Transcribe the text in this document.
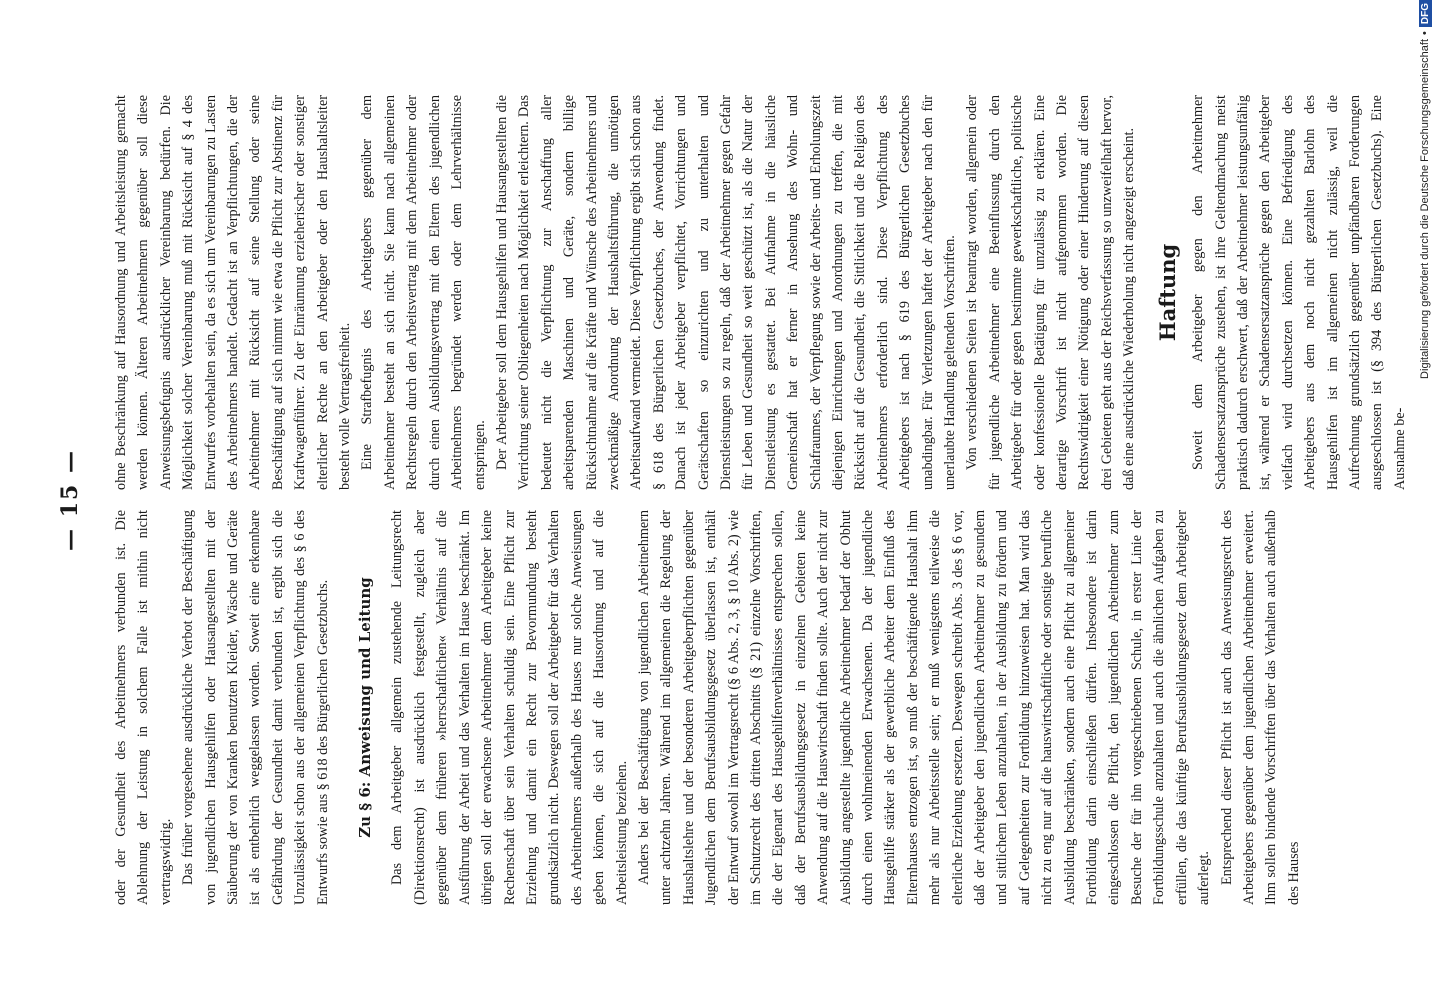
— 15 —

oder der Gesundheit des Arbeitnehmers verbunden ist. Die Ablehnung der Leistung in solchem Falle ist mithin nicht vertragswidrig. Das früher vorgesehene ausdrückliche Verbot der Beschäftigung von jugendlichen Hausgehilfen oder Hausangestellten mit der Säuberung der von Kranken benutzten Kleider, Wäsche und Geräte ist als entbehrlich weggelassen worden. Soweit eine erkennbare Gefährdung der Gesundheit damit verbunden ist, ergibt sich die Unzulässigkeit schon aus der allgemeinen Verpflichtung des § 6 des Entwurfs sowie aus § 618 des Bürgerlichen Gesetzbuchs. Zu § 6: Anweisung und Leitung Das dem Arbeitgeber allgemein zustehende Leitungsrecht (Direktionsrecht) ist ausdrücklich festgestellt, zugleich aber gegenüber dem früheren »herrschaftlichen« Verhältnis auf die Ausführung der Arbeit und das Verhalten im Hause beschränkt. Im übrigen soll der erwachsene Arbeitnehmer dem Arbeitgeber keine Rechenschaft über sein Verhalten schuldig sein. Eine Pflicht zur Erziehung und damit ein Recht zur Bevormundung besteht grundsätzlich nicht. Deswegen soll der Arbeitgeber für das Verhalten des Arbeitnehmers außerhalb des Hauses nur solche Anweisungen geben können, die sich auf die Hausordnung und auf die Arbeitsleistung beziehen. Anders bei der Beschäftigung von jugendlichen Arbeitnehmern unter achtzehn Jahren. Während im allgemeinen die Regelung der Haushaltslehre und der besonderen Arbeitgeberpflichten gegenüber Jugendlichen dem Berufsausbildungsgesetz überlassen ist, enthält der Entwurf sowohl im Vertragsrecht (§ 6 Abs. 2, 3, § 10 Abs. 2) wie im Schutzrecht des dritten Abschnitts (§ 21) einzelne Vorschriften, die der Eigenart des Hausgehilfenverhältnisses entsprechen sollen, daß der Berufsausbildungsgesetz in einzelnen Gebieten keine Anwendung auf die Hauswirtschaft finden sollte. Auch der nicht zur Ausbildung angestellte jugendliche Arbeitnehmer bedarf der Obhut durch einen wohlmeinenden Erwachsenen. Da der jugendliche Hausgehilfe stärker als der gewerbliche Arbeiter dem Einfluß des Elternhauses entzogen ist, so muß der beschäftigende Haushalt ihm mehr als nur Arbeitsstelle sein; er muß wenigstens teilweise die elterliche Erziehung ersetzen. Deswegen schreibt Abs. 3 des § 6 vor, daß der Arbeitgeber den jugendlichen Arbeitnehmer zu gesundem und sittlichem Leben anzuhalten, in der Ausbildung zu fördern und auf Gelegenheiten zur Fortbildung hinzuweisen hat. Man wird das nicht zu eng nur auf die hauswirtschaftliche oder sonstige berufliche Ausbildung beschränken, sondern auch eine Pflicht zu allgemeiner Fortbildung darin einschließen dürfen. Insbesondere ist darin eingeschlossen die Pflicht, den jugendlichen Arbeitnehmer zum Besuche der für ihn vorgeschriebenen Schule, in erster Linie der Fortbildungsschule anzuhalten und auch die ähnlichen Aufgaben zu erfüllen, die das künftige Berufsausbildungsgesetz dem Arbeitgeber auferlegt. Entsprechend dieser Pflicht ist auch das Anweisungsrecht des Arbeitgebers gegenüber dem jugendlichen Arbeitnehmer erweitert. Ihm sollen bindende Vorschriften über das Verhalten auch außerhalb des Hauses

ohne Beschränkung auf Hausordnung und Arbeitsleistung gemacht werden können. Älteren Arbeitnehmern gegenüber soll diese Anweisungsbefugnis ausdrücklicher Vereinbarung bedürfen. Die Möglichkeit solcher Vereinbarung muß mit Rücksicht auf § 4 des Entwurfes vorbehalten sein, da es sich um Vereinbarungen zu Lasten des Arbeitnehmers handelt. Gedacht ist an Verpflichtungen, die der Arbeitnehmer mit Rücksicht auf seine Stellung oder seine Beschäftigung auf sich nimmt wie etwa die Pflicht zur Abstinenz für Kraftwagenführer. Zu der Einräumung erzieherischer oder sonstiger elterlicher Rechte an den Arbeitgeber oder den Haushaltsleiter besteht volle Vertragsfreiheit. Eine Strafbefugnis des Arbeitgebers gegenüber dem Arbeitnehmer besteht an sich nicht. Sie kann nach allgemeinen Rechtsregeln durch den Arbeitsvertrag mit dem Arbeitnehmer oder durch einen Ausbildungsvertrag mit den Eltern des jugendlichen Arbeitnehmers begründet werden oder dem Lehrverhältnisse entspringen. Der Arbeitgeber soll dem Hausgehilfen und Hausangestellten die Verrichtung seiner Obliegenheiten nach Möglichkeit erleichtern. Das bedeutet nicht die Verpflichtung zur Anschaffung aller arbeitsparenden Maschinen und Geräte, sondern billige Rücksichtnahme auf die Kräfte und Wünsche des Arbeitnehmers und zweckmäßige Anordnung der Haushaltsführung, die unnötigen Arbeitsaufwand vermeidet. Diese Verpflichtung ergibt sich schon aus § 618 des Bürgerlichen Gesetzbuches, der Anwendung findet. Danach ist jeder Arbeitgeber verpflichtet, Vorrichtungen und Gerätschaften so einzurichten und zu unterhalten und Dienstleistungen so zu regeln, daß der Arbeitnehmer gegen Gefahr für Leben und Gesundheit so weit geschützt ist, als die Natur der Dienstleistung es gestattet. Bei Aufnahme in die häusliche Gemeinschaft hat er ferner in Ansehung des Wohn- und Schlafraumes, der Verpflegung sowie der Arbeits- und Erholungszeit diejenigen Einrichtungen und Anordnungen zu treffen, die mit Rücksicht auf die Gesundheit, die Sittlichkeit und die Religion des Arbeitnehmers erforderlich sind. Diese Verpflichtung des Arbeitgebers ist nach § 619 des Bürgerlichen Gesetzbuches unabdingbar. Für Verletzungen haftet der Arbeitgeber nach den für unerlaubte Handlung geltenden Vorschriften. Von verschiedenen Seiten ist beantragt worden, allgemein oder für jugendliche Arbeitnehmer eine Beeinflussung durch den Arbeitgeber für oder gegen bestimmte gewerkschaftliche, politische oder konfessionelle Betätigung für unzulässig zu erklären. Eine derartige Vorschrift ist nicht aufgenommen worden. Die Rechtswidrigkeit einer Nötigung oder einer Hinderung auf diesen drei Gebieten geht aus der Reichsverfassung so unzweifelhaft hervor, daß eine ausdrückliche Wiederholung nicht angezeigt erscheint. Haftung Soweit dem Arbeitgeber gegen den Arbeitnehmer Schadensersatzansprüche zustehen, ist ihre Geltendmachung meist praktisch dadurch erschwert, daß der Arbeitnehmer leistungsunfähig ist, während er Schadensersatzansprüche gegen den Arbeitgeber vielfach wird durchsetzen können. Eine Befriedigung des Arbeitgebers aus dem noch nicht gezahlten Barlohn des Hausgehilfen ist im allgemeinen nicht zulässig, weil die Aufrechnung grundsätzlich gegenüber unpfändbaren Forderungen ausgeschlossen ist (§ 394 des Bürgerlichen Gesetzbuchs). Eine Ausnahme be-

Digitalisierung gefördert durch die Deutsche Forschungsgemeinschaft
•
DFG
